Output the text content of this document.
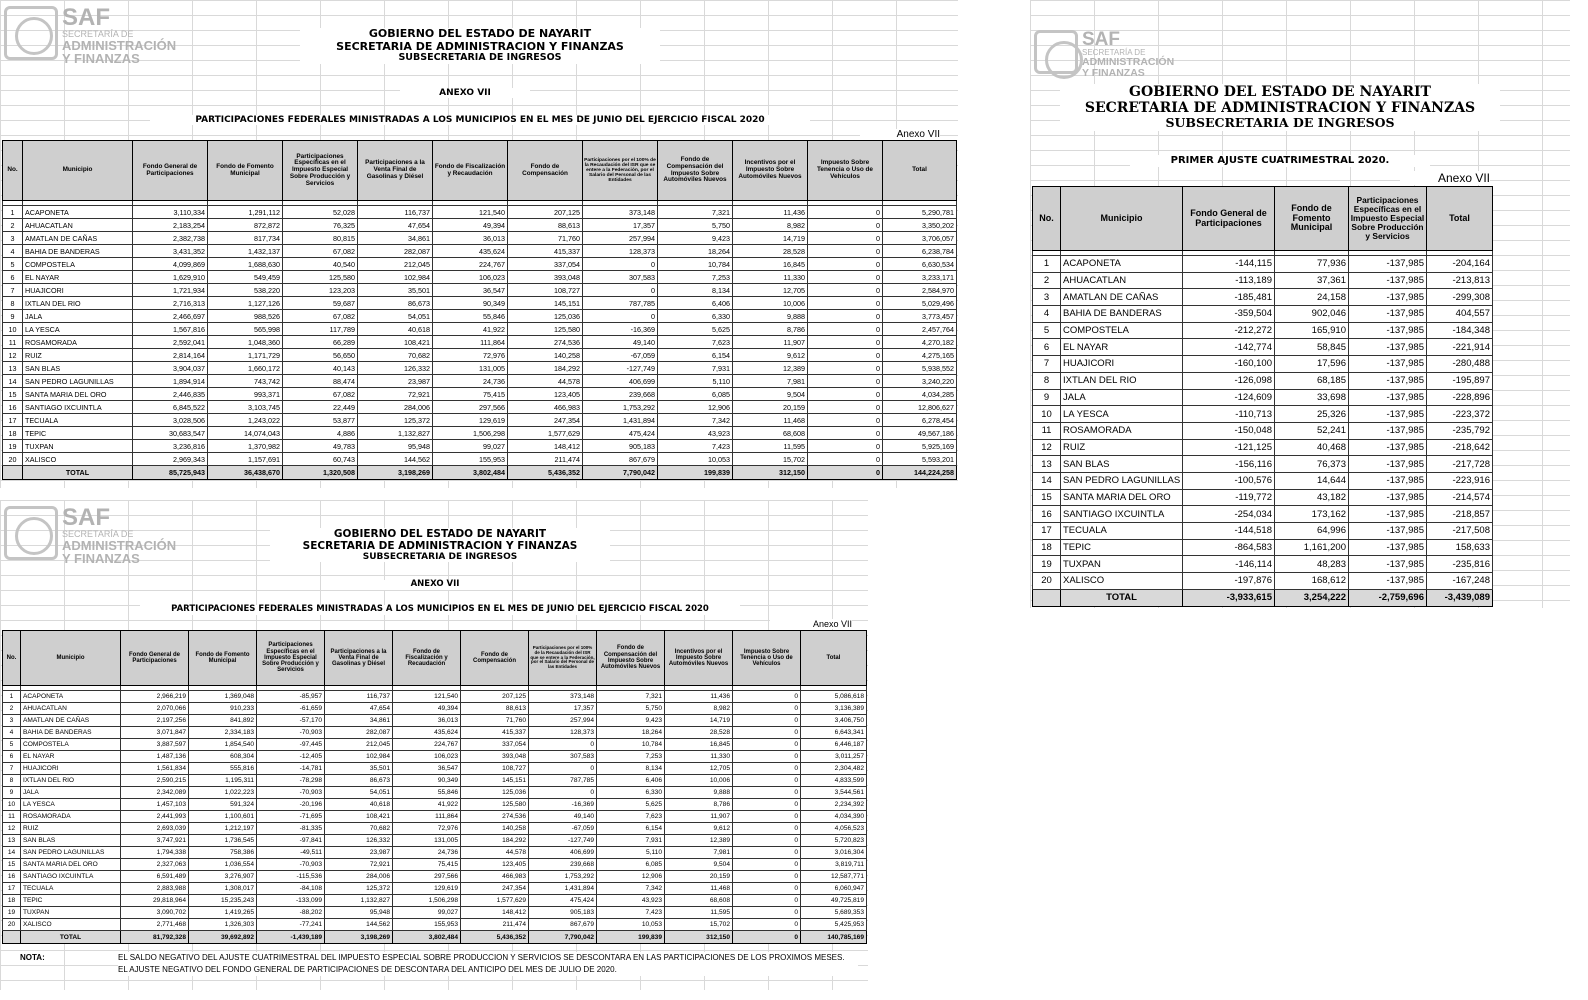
SAF
SECRETARÍA DE
ADMINISTRACIÓN
Y FINANZAS
GOBIERNO DEL ESTADO DE NAYARIT
SECRETARIA DE ADMINISTRACION Y FINANZAS
SUBSECRETARIA DE INGRESOS
ANEXO VII
PARTICIPACIONES FEDERALES MINISTRADAS A LOS MUNICIPIOS EN EL MES DE JUNIO DEL EJERCICIO FISCAL 2020
Anexo VII
No.	Municipio	Fondo General de Participaciones	Fondo de Fomento Municipal	Participaciones Específicas en el Impuesto Especial Sobre Producción y Servicios	Participaciones a la Venta Final de Gasolinas y Diésel	Fondo de Fiscalización y Recaudación	Fondo de Compensación	Participaciones por el 100% de la Recaudación del ISR que se entere a la Federación, por el Salario del Personal de las Entidades	Fondo de Compensación del Impuesto Sobre Automóviles Nuevos	Incentivos por el Impuesto Sobre Automóviles Nuevos	Impuesto Sobre Tenencia o Uso de Vehículos	Total

1	ACAPONETA	3,110,334	1,291,112	52,028	116,737	121,540	207,125	373,148	7,321	11,436	0	5,290,781
2	AHUACATLAN	2,183,254	872,872	76,325	47,654	49,394	88,613	17,357	5,750	8,982	0	3,350,202
3	AMATLAN DE CAÑAS	2,382,738	817,734	80,815	34,861	36,013	71,760	257,994	9,423	14,719	0	3,706,057
4	BAHIA DE BANDERAS	3,431,352	1,432,137	67,082	282,087	435,624	415,337	128,373	18,264	28,528	0	6,238,784
5	COMPOSTELA	4,099,869	1,688,630	40,540	212,045	224,767	337,054	0	10,784	16,845	0	6,630,534
6	EL NAYAR	1,629,910	549,459	125,580	102,984	106,023	393,048	307,583	7,253	11,330	0	3,233,171
7	HUAJICORI	1,721,934	538,220	123,203	35,501	36,547	108,727	0	8,134	12,705	0	2,584,970
8	IXTLAN DEL RIO	2,716,313	1,127,126	59,687	86,673	90,349	145,151	787,785	6,406	10,006	0	5,029,496
9	JALA	2,466,697	988,526	67,082	54,051	55,846	125,036	0	6,330	9,888	0	3,773,457
10	LA YESCA	1,567,816	565,998	117,789	40,618	41,922	125,580	-16,369	5,625	8,786	0	2,457,764
11	ROSAMORADA	2,592,041	1,048,360	66,289	108,421	111,864	274,536	49,140	7,623	11,907	0	4,270,182
12	RUIZ	2,814,164	1,171,729	56,650	70,682	72,976	140,258	-67,059	6,154	9,612	0	4,275,165
13	SAN BLAS	3,904,037	1,660,172	40,143	126,332	131,005	184,292	-127,749	7,931	12,389	0	5,938,552
14	SAN PEDRO LAGUNILLAS	1,894,914	743,742	88,474	23,987	24,736	44,578	406,699	5,110	7,981	0	3,240,220
15	SANTA MARIA DEL ORO	2,446,835	993,371	67,082	72,921	75,415	123,405	239,668	6,085	9,504	0	4,034,285
16	SANTIAGO IXCUINTLA	6,845,522	3,103,745	22,449	284,006	297,566	466,983	1,753,292	12,906	20,159	0	12,806,627
17	TECUALA	3,028,506	1,243,022	53,877	125,372	129,619	247,354	1,431,894	7,342	11,468	0	6,278,454
18	TEPIC	30,683,547	14,074,043	4,886	1,132,827	1,506,298	1,577,629	475,424	43,923	68,608	0	49,567,186
19	TUXPAN	3,236,816	1,370,982	49,783	95,948	99,027	148,412	905,183	7,423	11,595	0	5,925,169
20	XALISCO	2,969,343	1,157,691	60,743	144,562	155,953	211,474	867,679	10,053	15,702	0	5,593,201
	TOTAL	85,725,943	36,438,670	1,320,508	3,198,269	3,802,484	5,436,352	7,790,042	199,839	312,150	0	144,224,258
SAF
SECRETARÍA DE
ADMINISTRACIÓN
Y FINANZAS
GOBIERNO DEL ESTADO DE NAYARIT
SECRETARIA DE ADMINISTRACION Y FINANZAS
SUBSECRETARIA DE INGRESOS
ANEXO VII
PARTICIPACIONES FEDERALES MINISTRADAS A LOS MUNICIPIOS EN EL MES DE JUNIO DEL EJERCICIO FISCAL 2020
Anexo VII
No.	Municipio	Fondo General de Participaciones	Fondo de Fomento Municipal	Participaciones Específicas en el Impuesto Especial Sobre Producción y Servicios	Participaciones a la Venta Final de Gasolinas y Diésel	Fondo de Fiscalización y Recaudación	Fondo de Compensación	Participaciones por el 100% de la Recaudación del ISR que se entere a la Federación, por el Salario del Personal de las Entidades	Fondo de Compensación del Impuesto Sobre Automóviles Nuevos	Incentivos por el Impuesto Sobre Automóviles Nuevos	Impuesto Sobre Tenencia o Uso de Vehículos	Total

1	ACAPONETA	2,966,219	1,369,048	-85,957	116,737	121,540	207,125	373,148	7,321	11,436	0	5,086,618
2	AHUACATLAN	2,070,066	910,233	-61,659	47,654	49,394	88,613	17,357	5,750	8,982	0	3,136,389
3	AMATLAN DE CAÑAS	2,197,256	841,892	-57,170	34,861	36,013	71,760	257,994	9,423	14,719	0	3,406,750
4	BAHIA DE BANDERAS	3,071,847	2,334,183	-70,903	282,087	435,624	415,337	128,373	18,264	28,528	0	6,643,341
5	COMPOSTELA	3,887,597	1,854,540	-97,445	212,045	224,767	337,054	0	10,784	16,845	0	6,446,187
6	EL NAYAR	1,487,136	608,304	-12,405	102,984	106,023	393,048	307,583	7,253	11,330	0	3,011,257
7	HUAJICORI	1,561,834	555,816	-14,781	35,501	36,547	108,727	0	8,134	12,705	0	2,304,482
8	IXTLAN DEL RIO	2,590,215	1,195,311	-78,298	86,673	90,349	145,151	787,785	6,406	10,006	0	4,833,599
9	JALA	2,342,089	1,022,223	-70,903	54,051	55,846	125,036	0	6,330	9,888	0	3,544,561
10	LA YESCA	1,457,103	591,324	-20,196	40,618	41,922	125,580	-16,369	5,625	8,786	0	2,234,392
11	ROSAMORADA	2,441,993	1,100,601	-71,695	108,421	111,864	274,536	49,140	7,623	11,907	0	4,034,390
12	RUIZ	2,693,039	1,212,197	-81,335	70,682	72,976	140,258	-67,059	6,154	9,612	0	4,056,523
13	SAN BLAS	3,747,921	1,736,545	-97,841	126,332	131,005	184,292	-127,749	7,931	12,389	0	5,720,823
14	SAN PEDRO LAGUNILLAS	1,794,338	758,386	-49,511	23,987	24,736	44,578	406,699	5,110	7,981	0	3,016,304
15	SANTA MARIA DEL ORO	2,327,063	1,036,554	-70,903	72,921	75,415	123,405	239,668	6,085	9,504	0	3,819,711
16	SANTIAGO IXCUINTLA	6,591,489	3,276,907	-115,536	284,006	297,566	466,983	1,753,292	12,906	20,159	0	12,587,771
17	TECUALA	2,883,988	1,308,017	-84,108	125,372	129,619	247,354	1,431,894	7,342	11,468	0	6,060,947
18	TEPIC	29,818,964	15,235,243	-133,099	1,132,827	1,506,298	1,577,629	475,424	43,923	68,608	0	49,725,819
19	TUXPAN	3,090,702	1,419,265	-88,202	95,948	99,027	148,412	905,183	7,423	11,595	0	5,689,353
20	XALISCO	2,771,468	1,326,303	-77,241	144,562	155,953	211,474	867,679	10,053	15,702	0	5,425,953
	TOTAL	81,792,328	39,692,892	-1,439,189	3,198,269	3,802,484	5,436,352	7,790,042	199,839	312,150	0	140,785,169
NOTA:	EL SALDO NEGATIVO DEL AJUSTE CUATRIMESTRAL DEL IMPUESTO ESPECIAL SOBRE PRODUCCION Y SERVICIOS SE DESCONTARA EN LAS PARTICIPACIONES DE LOS PROXIMOS MESES.
EL AJUSTE NEGATIVO DEL FONDO GENERAL DE PARTICIPACIONES DE DESCONTARA DEL ANTICIPO DEL MES DE JULIO DE 2020.
SAF
SECRETARÍA DE
ADMINISTRACIÓN
Y FINANZAS
GOBIERNO DEL ESTADO DE NAYARIT
SECRETARIA DE ADMINISTRACION Y FINANZAS
SUBSECRETARIA DE INGRESOS
PRIMER AJUSTE CUATRIMESTRAL 2020.
Anexo VII
No.	Municipio	Fondo General de Participaciones	Fondo de Fomento Municipal	Participaciones Específicas en el Impuesto Especial Sobre Producción y Servicios	Total

1	ACAPONETA	-144,115	77,936	-137,985	-204,164
2	AHUACATLAN	-113,189	37,361	-137,985	-213,813
3	AMATLAN DE CAÑAS	-185,481	24,158	-137,985	-299,308
4	BAHIA DE BANDERAS	-359,504	902,046	-137,985	404,557
5	COMPOSTELA	-212,272	165,910	-137,985	-184,348
6	EL NAYAR	-142,774	58,845	-137,985	-221,914
7	HUAJICORI	-160,100	17,596	-137,985	-280,488
8	IXTLAN DEL RIO	-126,098	68,185	-137,985	-195,897
9	JALA	-124,609	33,698	-137,985	-228,896
10	LA YESCA	-110,713	25,326	-137,985	-223,372
11	ROSAMORADA	-150,048	52,241	-137,985	-235,792
12	RUIZ	-121,125	40,468	-137,985	-218,642
13	SAN BLAS	-156,116	76,373	-137,985	-217,728
14	SAN PEDRO LAGUNILLAS	-100,576	14,644	-137,985	-223,916
15	SANTA MARIA DEL ORO	-119,772	43,182	-137,985	-214,574
16	SANTIAGO IXCUINTLA	-254,034	173,162	-137,985	-218,857
17	TECUALA	-144,518	64,996	-137,985	-217,508
18	TEPIC	-864,583	1,161,200	-137,985	158,633
19	TUXPAN	-146,114	48,283	-137,985	-235,816
20	XALISCO	-197,876	168,612	-137,985	-167,248
	TOTAL	-3,933,615	3,254,222	-2,759,696	-3,439,089
